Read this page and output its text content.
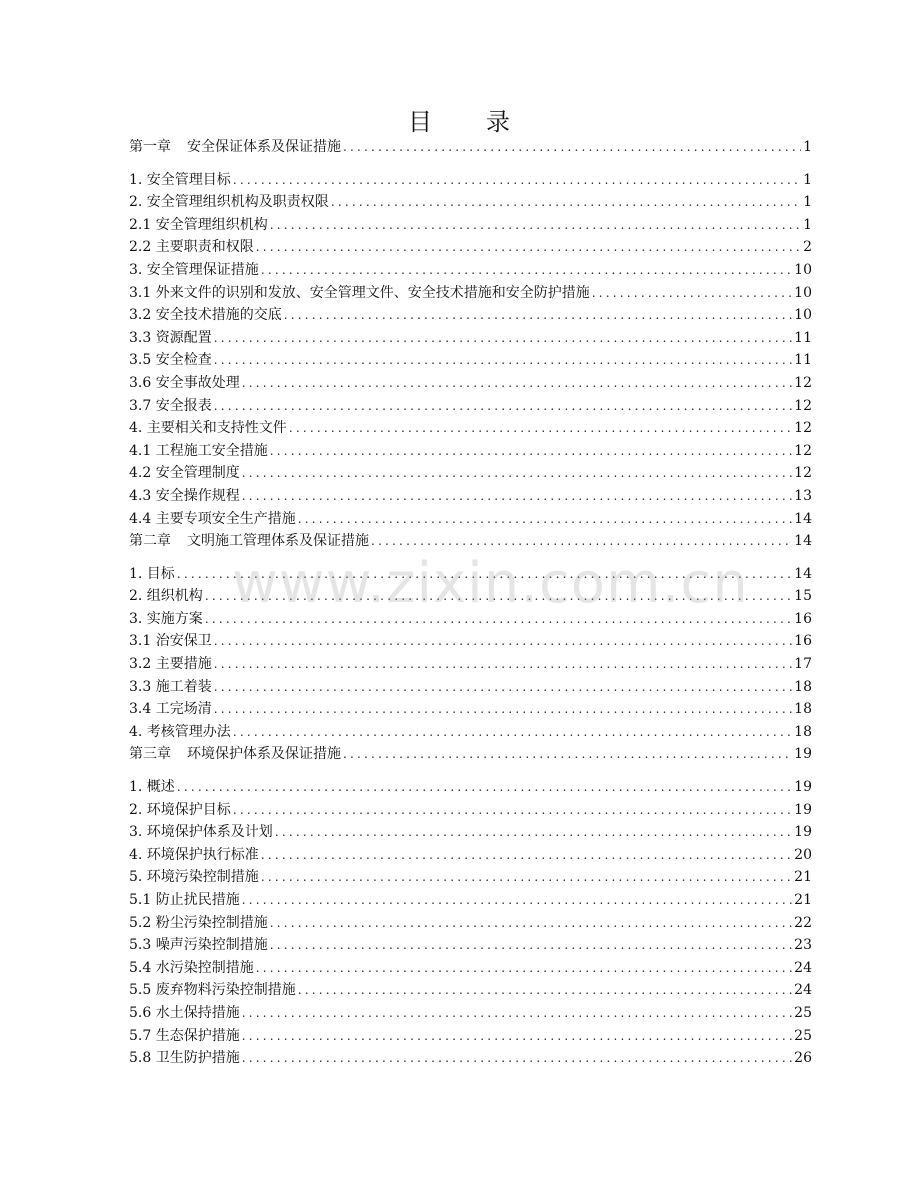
目 录
第一章 安全保证体系及保证措施 .....	1
1. 安全管理目标 .....	1
2. 安全管理组织机构及职责权限 .....	1
2.1 安全管理组织机构 .....	1
2.2 主要职责和权限 .....	2
3. 安全管理保证措施 .....	10
3.1 外来文件的识别和发放、安全管理文件、安全技术措施和安全防护措施 .....	10
3.2 安全技术措施的交底 .....	10
3.3 资源配置 .....	11
3.5 安全检查 .....	11
3.6 安全事故处理 .....	12
3.7 安全报表 .....	12
4. 主要相关和支持性文件 .....	12
4.1 工程施工安全措施 .....	12
4.2 安全管理制度 .....	12
4.3 安全操作规程 .....	13
4.4 主要专项安全生产措施 .....	14
第二章 文明施工管理体系及保证措施 .....	14
1. 目标 .....	14
2. 组织机构 .....	15
3. 实施方案 .....	16
3.1 治安保卫 .....	16
3.2 主要措施 .....	17
3.3 施工着装 .....	18
3.4 工完场清 .....	18
4. 考核管理办法 .....	18
第三章 环境保护体系及保证措施 .....	19
1. 概述 .....	19
2. 环境保护目标 .....	19
3. 环境保护体系及计划 .....	19
4. 环境保护执行标准 .....	20
5. 环境污染控制措施 .....	21
5.1 防止扰民措施 .....	21
5.2 粉尘污染控制措施 .....	22
5.3 噪声污染控制措施 .....	23
5.4 水污染控制措施 .....	24
5.5 废弃物料污染控制措施 .....	24
5.6 水土保持措施 .....	25
5.7 生态保护措施 .....	25
5.8 卫生防护措施 .....	26
www.zixin.com.cn
